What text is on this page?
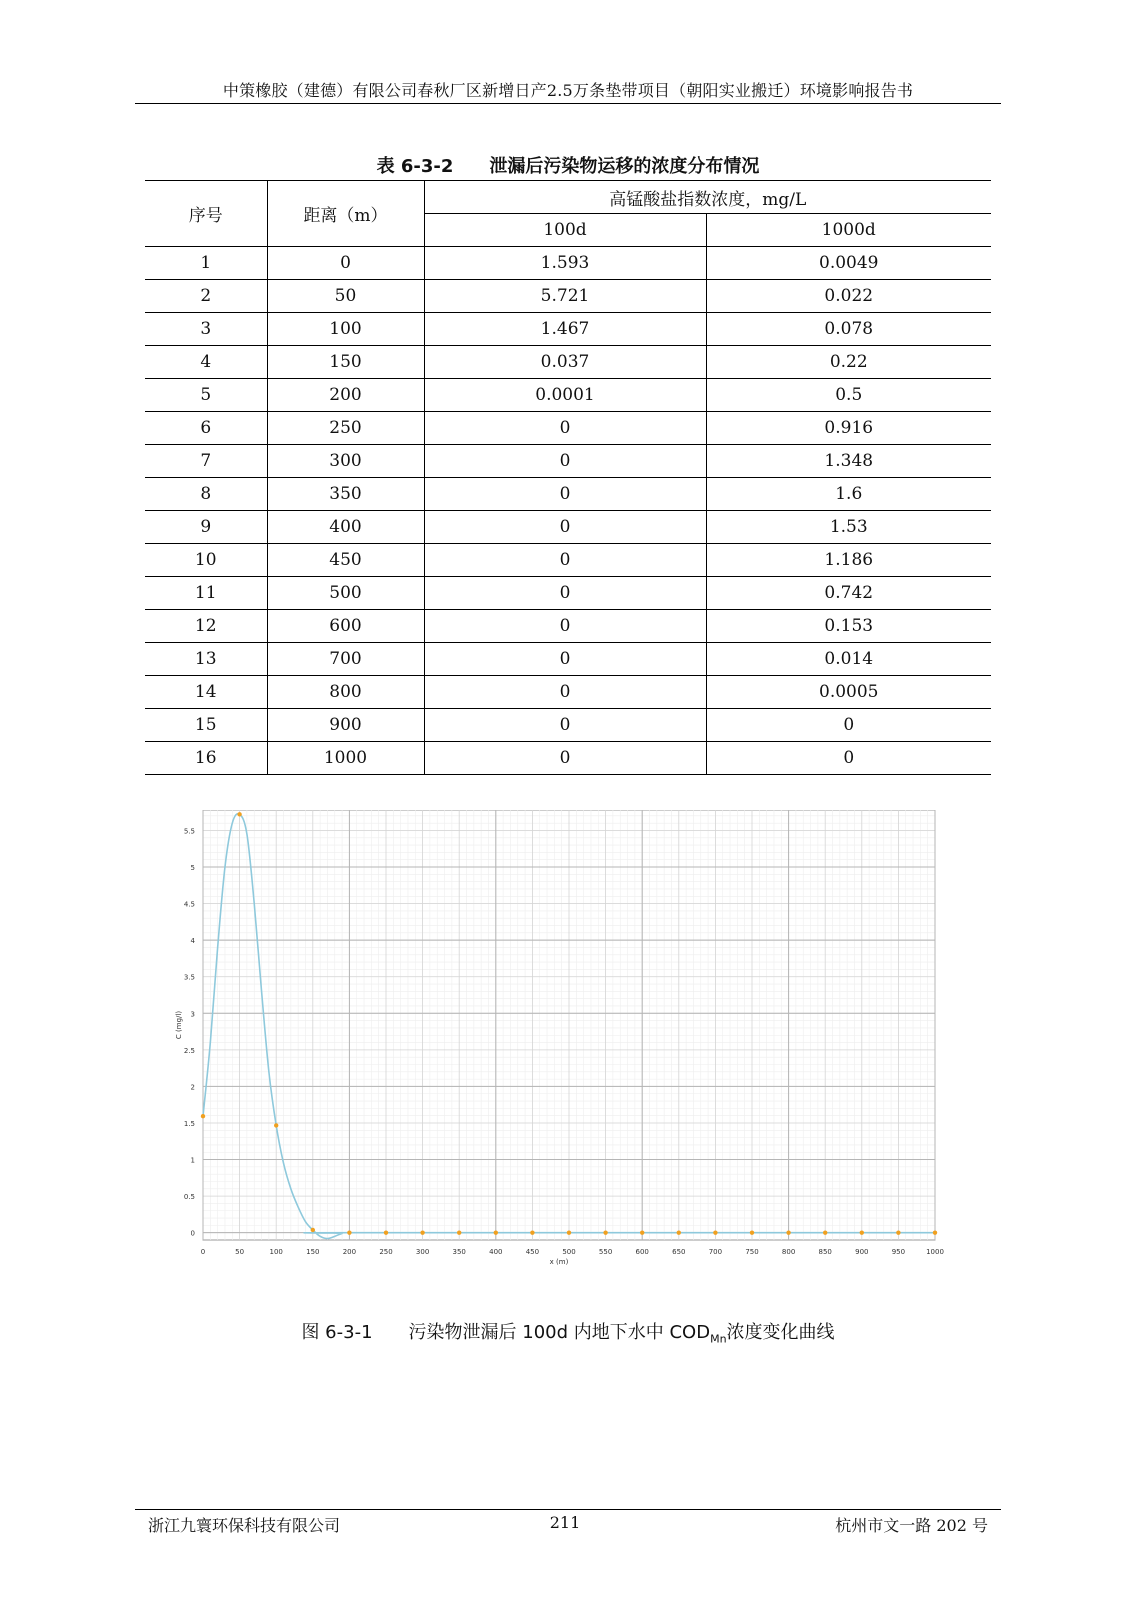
中策橡胶（建德）有限公司春秋厂区新增日产2.5万条垫带项目（朝阳实业搬迁）环境影响报告书
表 6-3-2　　泄漏后污染物运移的浓度分布情况
序号	距离（m）	高锰酸盐指数浓度，mg/L	
		100d	1000d
1	0	1.593	0.0049
2	50	5.721	0.022
3	100	1.467	0.078
4	150	0.037	0.22
5	200	0.0001	0.5
6	250	0	0.916
7	300	0	1.348
8	350	0	1.6
9	400	0	1.53
10	450	0	1.186
11	500	0	0.742
12	600	0	0.153
13	700	0	0.014
14	800	0	0.0005
15	900	0	0
16	1000	0	0
0	50	100	150	200	250	300	350	400	450	500	550	600	650	700	750	800	850	900	950	1000
0
0.5
1
1.5
2
2.5
3
3.5
4
4.5
5
5.5
x (m)
C (mg/l)
图 6-3-1　　污染物泄漏后 100d 内地下水中 $COD_{Mn}$浓度变化曲线
浙江九寰环保科技有限公司	211	杭州市文一路 202 号
